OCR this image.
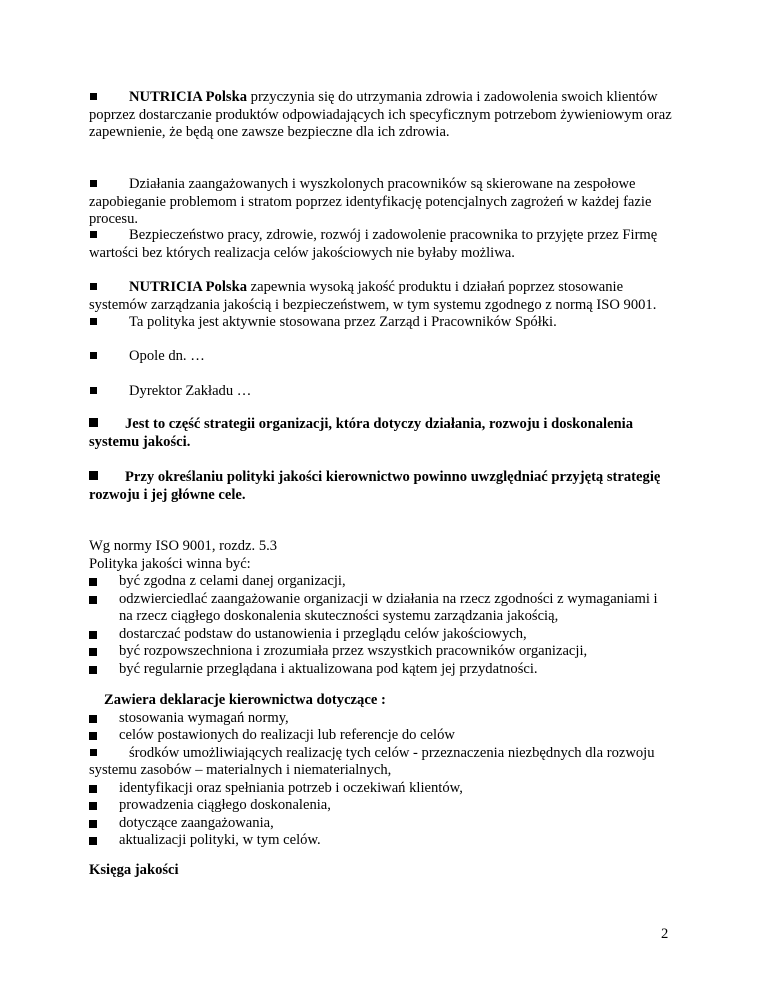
NUTRICIA Polska przyczynia się do utrzymania zdrowia i zadowolenia swoich klientów poprzez dostarczanie produktów odpowiadających ich specyficznym potrzebom żywieniowym oraz zapewnienie, że będą one zawsze bezpieczne dla ich zdrowia.

Działania zaangażowanych i wyszkolonych pracowników są skierowane na zespołowe zapobieganie problemom i stratom poprzez identyfikację potencjalnych zagrożeń w każdej fazie procesu.

Bezpieczeństwo pracy, zdrowie, rozwój i zadowolenie pracownika to przyjęte przez Firmę wartości bez których realizacja celów jakościowych nie byłaby możliwa.

NUTRICIA Polska zapewnia wysoką jakość produktu i działań poprzez stosowanie systemów zarządzania jakością i bezpieczeństwem, w tym systemu zgodnego z normą ISO 9001.

Ta polityka jest aktywnie stosowana przez Zarząd i Pracowników Spółki.

Opole dn. …

Dyrektor Zakładu …

Jest to część strategii organizacji, która dotyczy działania, rozwoju i doskonalenia systemu jakości.

Przy określaniu polityki jakości kierownictwo powinno uwzględniać przyjętą strategię rozwoju i jej główne cele.

Wg normy ISO 9001, rozdz. 5.3

Polityka jakości winna być:

być zgodna z celami danej organizacji,
odzwierciedlać zaangażowanie organizacji w działania na rzecz zgodności z wymaganiami i na rzecz ciągłego doskonalenia skuteczności systemu zarządzania jakością,
dostarczać podstaw do ustanowienia i przeglądu celów jakościowych,
być rozpowszechniona i zrozumiała przez wszystkich pracowników organizacji,
być regularnie przeglądana i aktualizowana pod kątem jej przydatności.

Zawiera deklaracje kierownictwa dotyczące :

stosowania wymagań normy,
celów postawionych do realizacji lub referencje do celów

środków umożliwiających realizację tych celów - przeznaczenia niezbędnych dla rozwoju systemu zasobów – materialnych i niematerialnych,

identyfikacji oraz spełniania potrzeb i oczekiwań klientów,
prowadzenia ciągłego doskonalenia,
dotyczące zaangażowania,
aktualizacji polityki, w tym celów.

Księga jakości

2
